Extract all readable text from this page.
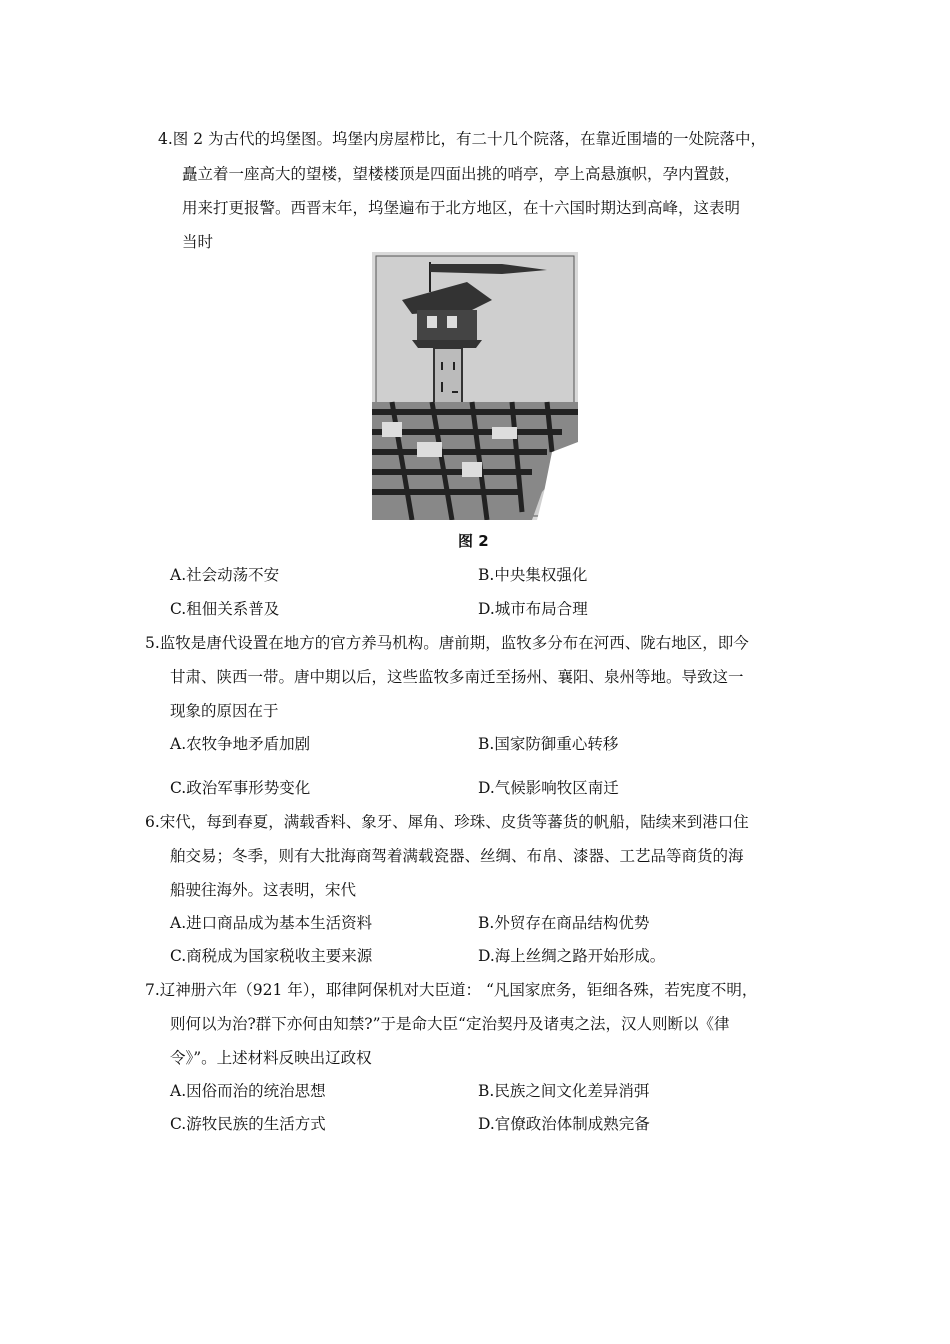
4.图 2 为古代的坞堡图。坞堡内房屋栉比，有二十几个院落，在靠近围墙的一处院落中，
矗立着一座高大的望楼，望楼楼顶是四面出挑的哨亭，亭上高悬旗帜，孕内置鼓，
用来打更报警。西晋末年，坞堡遍布于北方地区，在十六国时期达到高峰，这表明
当时
图 2
A.社会动荡不安	B.中央集权强化
C.租佃关系普及	D.城市布局合理
5.监牧是唐代设置在地方的官方养马机构。唐前期，监牧多分布在河西、陇右地区，即今
甘肃、陕西一带。唐中期以后，这些监牧多南迁至扬州、襄阳、泉州等地。导致这一
现象的原因在于
A.农牧争地矛盾加剧	B.国家防御重心转移
C.政治军事形势变化	D.气候影响牧区南迁
6.宋代，每到春夏，满载香料、象牙、犀角、珍珠、皮货等蕃货的帆船，陆续来到港口住
舶交易；冬季，则有大批海商驾着满载瓷器、丝绸、布帛、漆器、工艺品等商货的海
船驶往海外。这表明，宋代
A.进口商品成为基本生活资料	B.外贸存在商品结构优势
C.商税成为国家税收主要来源	D.海上丝绸之路开始形成。
7.辽神册六年（921 年），耶律阿保机对大臣道： “凡国家庶务，钜细各殊，若宪度不明，
则何以为治?群下亦何由知禁?”于是命大臣“定治契丹及诸夷之法，汉人则断以《律
令》”。上述材料反映出辽政权
A.因俗而治的统治思想	B.民族之间文化差异消弭
C.游牧民族的生活方式	D.官僚政治体制成熟完备
